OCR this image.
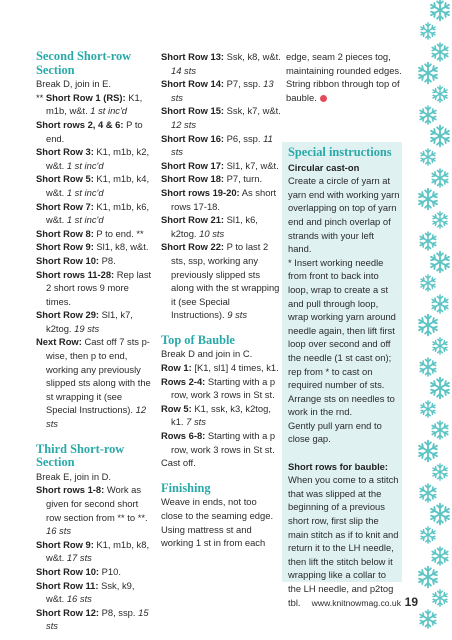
Second Short-row Section

Break D, join in E.

** Short Row 1 (RS): K1, m1b, w&t. 1 st inc'd

Short rows 2, 4 & 6: P to end.

Short Row 3: K1, m1b, k2, w&t. 1 st inc'd

Short Row 5: K1, m1b, k4, w&t. 1 st inc'd

Short Row 7: K1, m1b, k6, w&t. 1 st inc'd

Short Row 8: P to end. **

Short Row 9: Sl1, k8, w&t.

Short Row 10: P8.

Short rows 11-28: Rep last 2 short rows 9 more times.

Short Row 29: Sl1, k7, k2tog. 19 sts

Next Row: Cast off 7 sts p-wise, then p to end, working any previously slipped sts along with the st wrapping it (see Special Instructions). 12 sts

Third Short-row Section

Break E, join in D.

Short rows 1-8: Work as given for second short row section from ** to **. 16 sts

Short Row 9: K1, m1b, k8, w&t. 17 sts

Short Row 10: P10.

Short Row 11: Ssk, k9, w&t. 16 sts

Short Row 12: P8, ssp. 15 sts

Short Row 13: Ssk, k8, w&t. 14 sts

Short Row 14: P7, ssp. 13 sts

Short Row 15: Ssk, k7, w&t. 12 sts

Short Row 16: P6, ssp. 11 sts

Short Row 17: Sl1, k7, w&t.

Short Row 18: P7, turn.

Short rows 19-20: As short rows 17-18.

Short Row 21: Sl1, k6, k2tog. 10 sts

Short Row 22: P to last 2 sts, ssp, working any previously slipped sts along with the st wrapping it (see Special Instructions). 9 sts

Top of Bauble

Break D and join in C.

Row 1: [K1, sl1] 4 times, k1.

Rows 2-4: Starting with a p row, work 3 rows in St st.

Row 5: K1, ssk, k3, k2tog, k1. 7 sts

Rows 6-8: Starting with a p row, work 3 rows in St st.

Cast off.

Finishing

Weave in ends, not too close to the seaming edge. Using mattress st and working 1 st in from each

edge, seam 2 pieces tog, maintaining rounded edges. String ribbon through top of bauble.

Special instructions

Circular cast-on

Create a circle of yarn at yarn end with working yarn overlapping on top of yarn end and pinch overlap of strands with your left hand.

* Insert working needle from front to back into loop, wrap to create a st and pull through loop, wrap working yarn around needle again, then lift first loop over second and off the needle (1 st cast on); rep from * to cast on required number of sts. Arrange sts on needles to work in the rnd.

Gently pull yarn end to close gap.

Short rows for bauble:

When you come to a stitch that was slipped at the beginning of a previous short row, first slip the main stitch as if to knit and return it to the LH needle, then lift the stitch below it wrapping like a collar to the LH needle, and p2tog tbl.	www.knitnowmag.co.uk 19
